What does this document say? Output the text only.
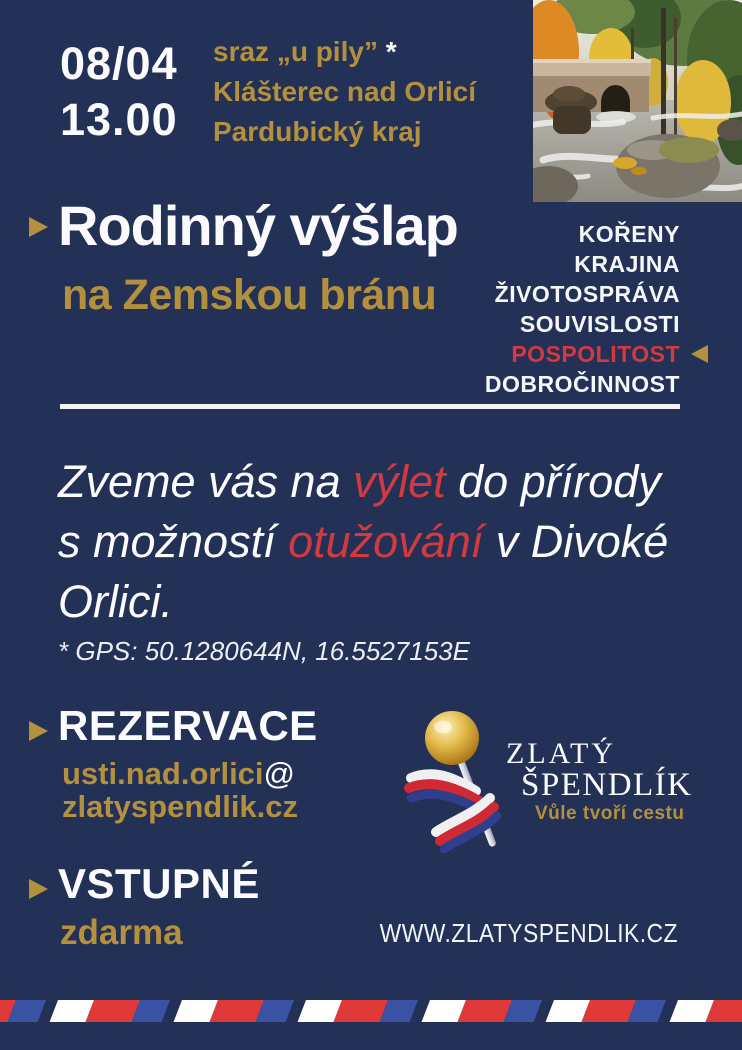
08/04
13.00
sraz „u pily” *
Klášterec nad Orlicí
Pardubický kraj
Rodinný výšlap
na Zemskou bránu
KOŘENY
KRAJINA
ŽIVOTOSPRÁVA
SOUVISLOSTI
POSPOLITOST
DOBROČINNOST
Zveme vás na výlet do přírody
s možností otužování v Divoké
Orlici.
* GPS: 50.1280644N, 16.5527153E
REZERVACE
usti.nad.orlici@
zlatyspendlik.cz
ZLATÝ
ŠPENDLÍK
Vůle tvoří cestu
VSTUPNÉ
zdarma	WWW.ZLATYSPENDLIK.CZ
